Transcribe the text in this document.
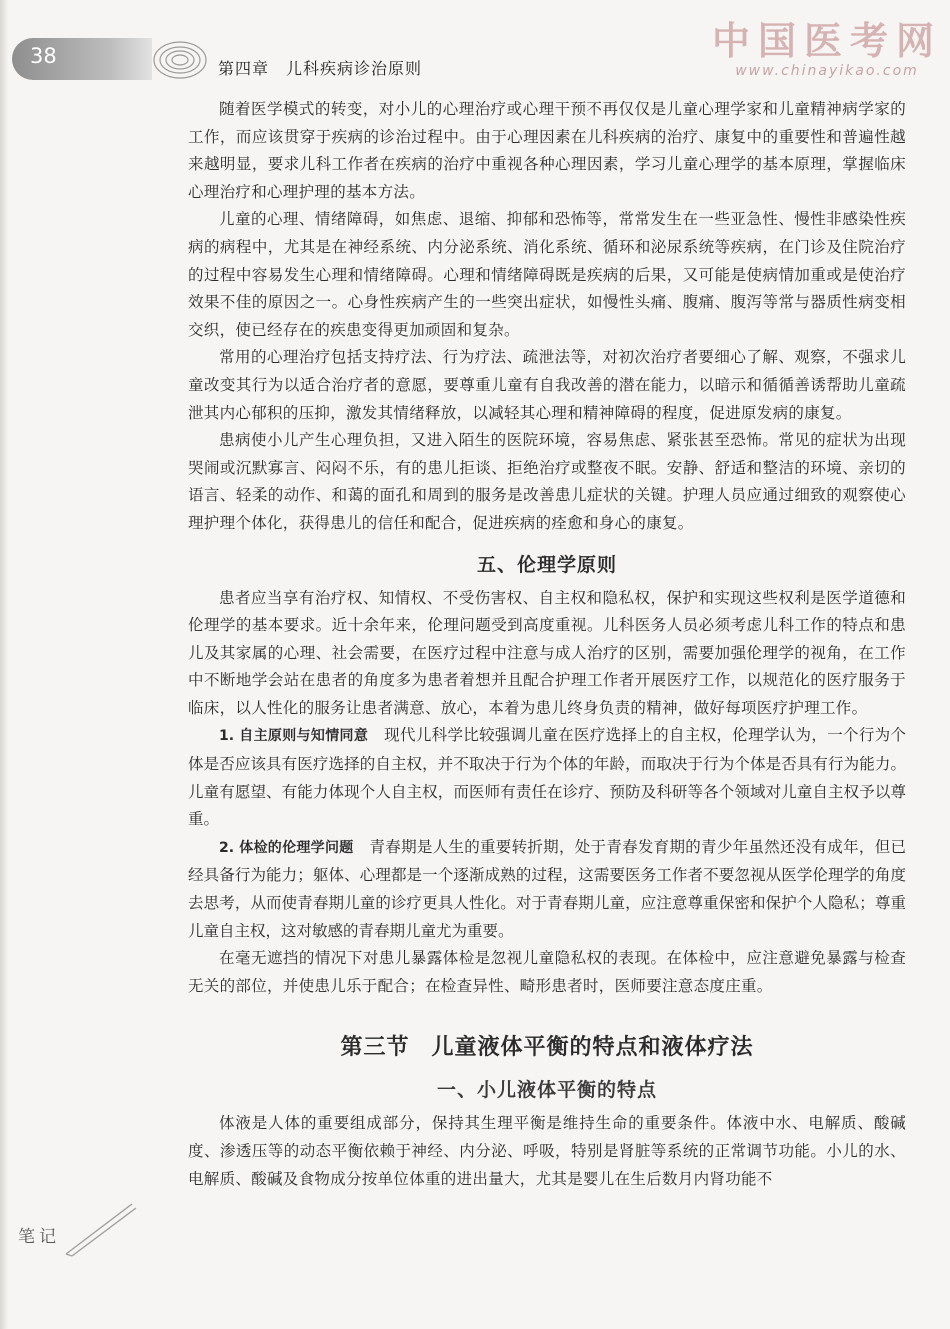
38
第四章　儿科疾病诊治原则
中国医考网
www.chinayikao.com

随着医学模式的转变，对小儿的心理治疗或心理干预不再仅仅是儿童心理学家和儿童精神病学家的工作，而应该贯穿于疾病的诊治过程中。由于心理因素在儿科疾病的治疗、康复中的重要性和普遍性越来越明显，要求儿科工作者在疾病的治疗中重视各种心理因素，学习儿童心理学的基本原理，掌握临床心理治疗和心理护理的基本方法。

儿童的心理、情绪障碍，如焦虑、退缩、抑郁和恐怖等，常常发生在一些亚急性、慢性非感染性疾病的病程中，尤其是在神经系统、内分泌系统、消化系统、循环和泌尿系统等疾病，在门诊及住院治疗的过程中容易发生心理和情绪障碍。心理和情绪障碍既是疾病的后果，又可能是使病情加重或是使治疗效果不佳的原因之一。心身性疾病产生的一些突出症状，如慢性头痛、腹痛、腹泻等常与器质性病变相交织，使已经存在的疾患变得更加顽固和复杂。

常用的心理治疗包括支持疗法、行为疗法、疏泄法等，对初次治疗者要细心了解、观察，不强求儿童改变其行为以适合治疗者的意愿，要尊重儿童有自我改善的潜在能力，以暗示和循循善诱帮助儿童疏泄其内心郁积的压抑，激发其情绪释放，以减轻其心理和精神障碍的程度，促进原发病的康复。

患病使小儿产生心理负担，又进入陌生的医院环境，容易焦虑、紧张甚至恐怖。常见的症状为出现哭闹或沉默寡言、闷闷不乐，有的患儿拒谈、拒绝治疗或整夜不眠。安静、舒适和整洁的环境、亲切的语言、轻柔的动作、和蔼的面孔和周到的服务是改善患儿症状的关键。护理人员应通过细致的观察使心理护理个体化，获得患儿的信任和配合，促进疾病的痊愈和身心的康复。

五、伦理学原则

患者应当享有治疗权、知情权、不受伤害权、自主权和隐私权，保护和实现这些权利是医学道德和伦理学的基本要求。近十余年来，伦理问题受到高度重视。儿科医务人员必须考虑儿科工作的特点和患儿及其家属的心理、社会需要，在医疗过程中注意与成人治疗的区别，需要加强伦理学的视角，在工作中不断地学会站在患者的角度多为患者着想并且配合护理工作者开展医疗工作，以规范化的医疗服务于临床，以人性化的服务让患者满意、放心，本着为患儿终身负责的精神，做好每项医疗护理工作。

1. 自主原则与知情同意 现代儿科学比较强调儿童在医疗选择上的自主权，伦理学认为，一个行为个体是否应该具有医疗选择的自主权，并不取决于行为个体的年龄，而取决于行为个体是否具有行为能力。儿童有愿望、有能力体现个人自主权，而医师有责任在诊疗、预防及科研等各个领域对儿童自主权予以尊重。

2. 体检的伦理学问题 青春期是人生的重要转折期，处于青春发育期的青少年虽然还没有成年，但已经具备行为能力；躯体、心理都是一个逐渐成熟的过程，这需要医务工作者不要忽视从医学伦理学的角度去思考，从而使青春期儿童的诊疗更具人性化。对于青春期儿童，应注意尊重保密和保护个人隐私；尊重儿童自主权，这对敏感的青春期儿童尤为重要。

在毫无遮挡的情况下对患儿暴露体检是忽视儿童隐私权的表现。在体检中，应注意避免暴露与检查无关的部位，并使患儿乐于配合；在检查异性、畸形患者时，医师要注意态度庄重。

第三节 儿童液体平衡的特点和液体疗法
一、小儿液体平衡的特点

体液是人体的重要组成部分，保持其生理平衡是维持生命的重要条件。体液中水、电解质、酸碱度、渗透压等的动态平衡依赖于神经、内分泌、呼吸，特别是肾脏等系统的正常调节功能。小儿的水、电解质、酸碱及食物成分按单位体重的进出量大，尤其是婴儿在生后数月内肾功能不

笔记
